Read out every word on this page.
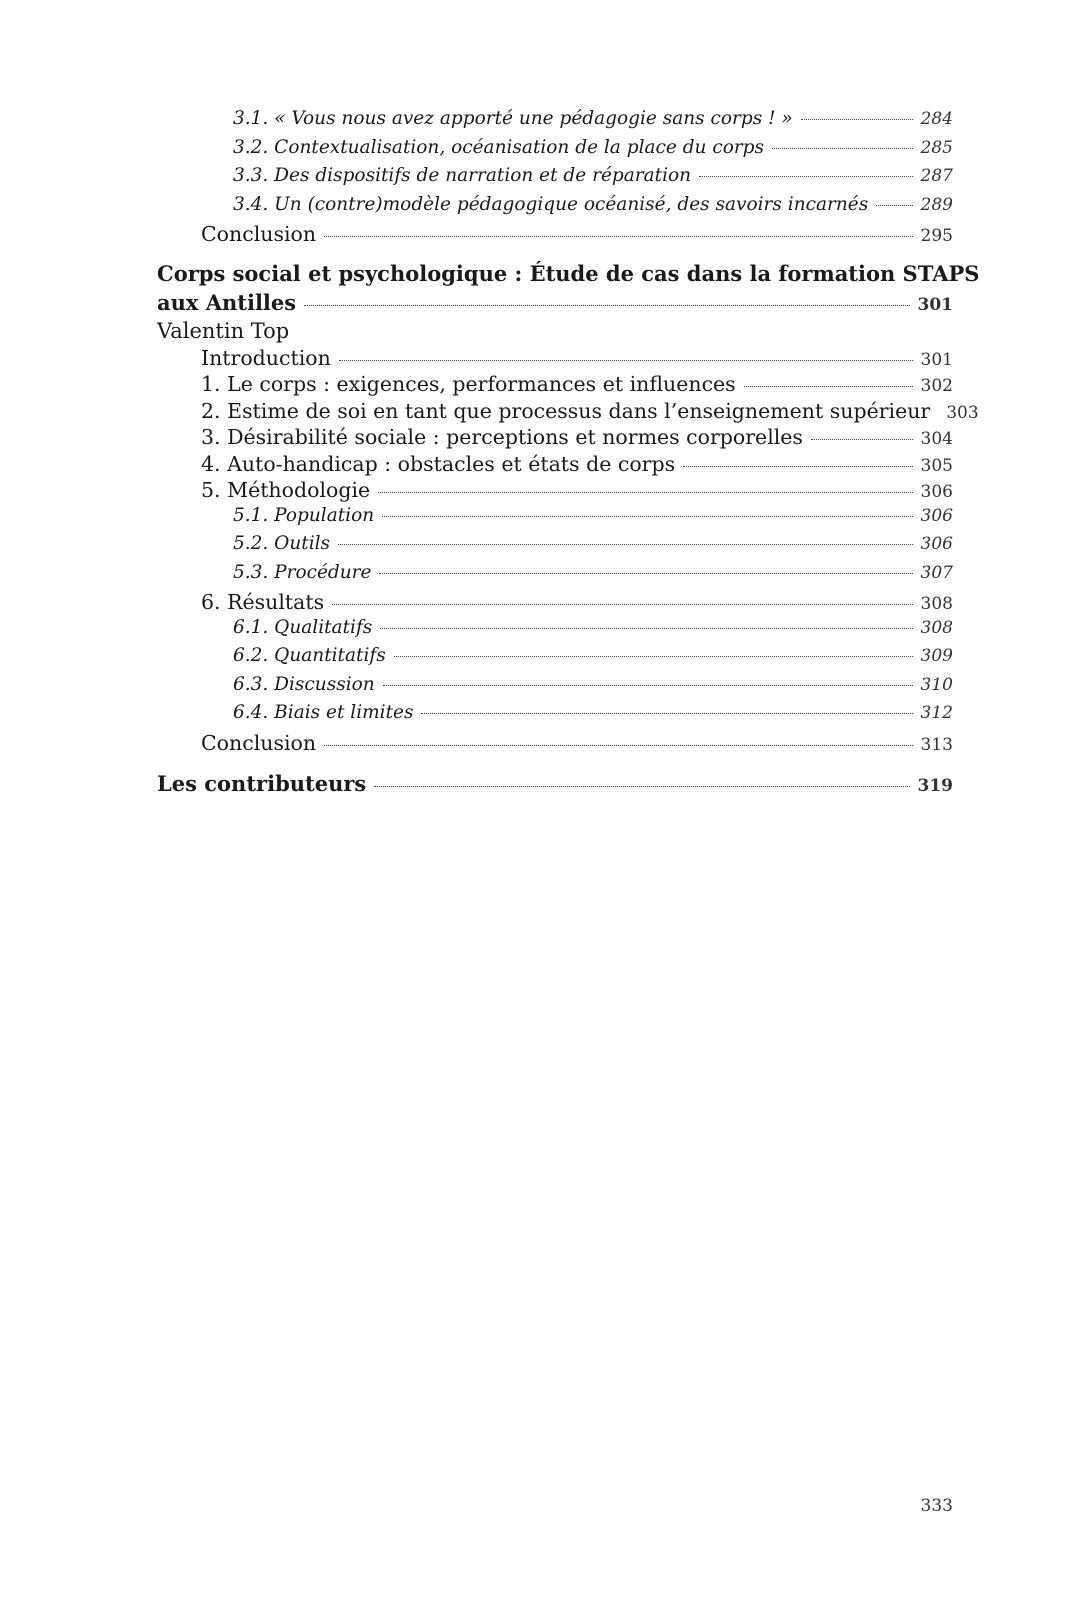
3.1. « Vous nous avez apporté une pédagogie sans corps ! »	284
3.2. Contextualisation, océanisation de la place du corps	285
3.3. Des dispositifs de narration et de réparation	287
3.4. Un (contre)modèle pédagogique océanisé, des savoirs incarnés	289
Conclusion	295
Corps social et psychologique : Étude de cas dans la formation STAPS
aux Antilles	301
Valentin Top
Introduction	301
1. Le corps : exigences, performances et influences	302
2. Estime de soi en tant que processus dans l’enseignement supérieur 303
3. Désirabilité sociale : perceptions et normes corporelles	304
4. Auto-handicap : obstacles et états de corps	305
5. Méthodologie	306
5.1. Population	306
5.2. Outils	306
5.3. Procédure	307
6. Résultats	308
6.1. Qualitatifs	308
6.2. Quantitatifs	309
6.3. Discussion	310
6.4. Biais et limites	312
Conclusion	313
Les contributeurs	319
333
